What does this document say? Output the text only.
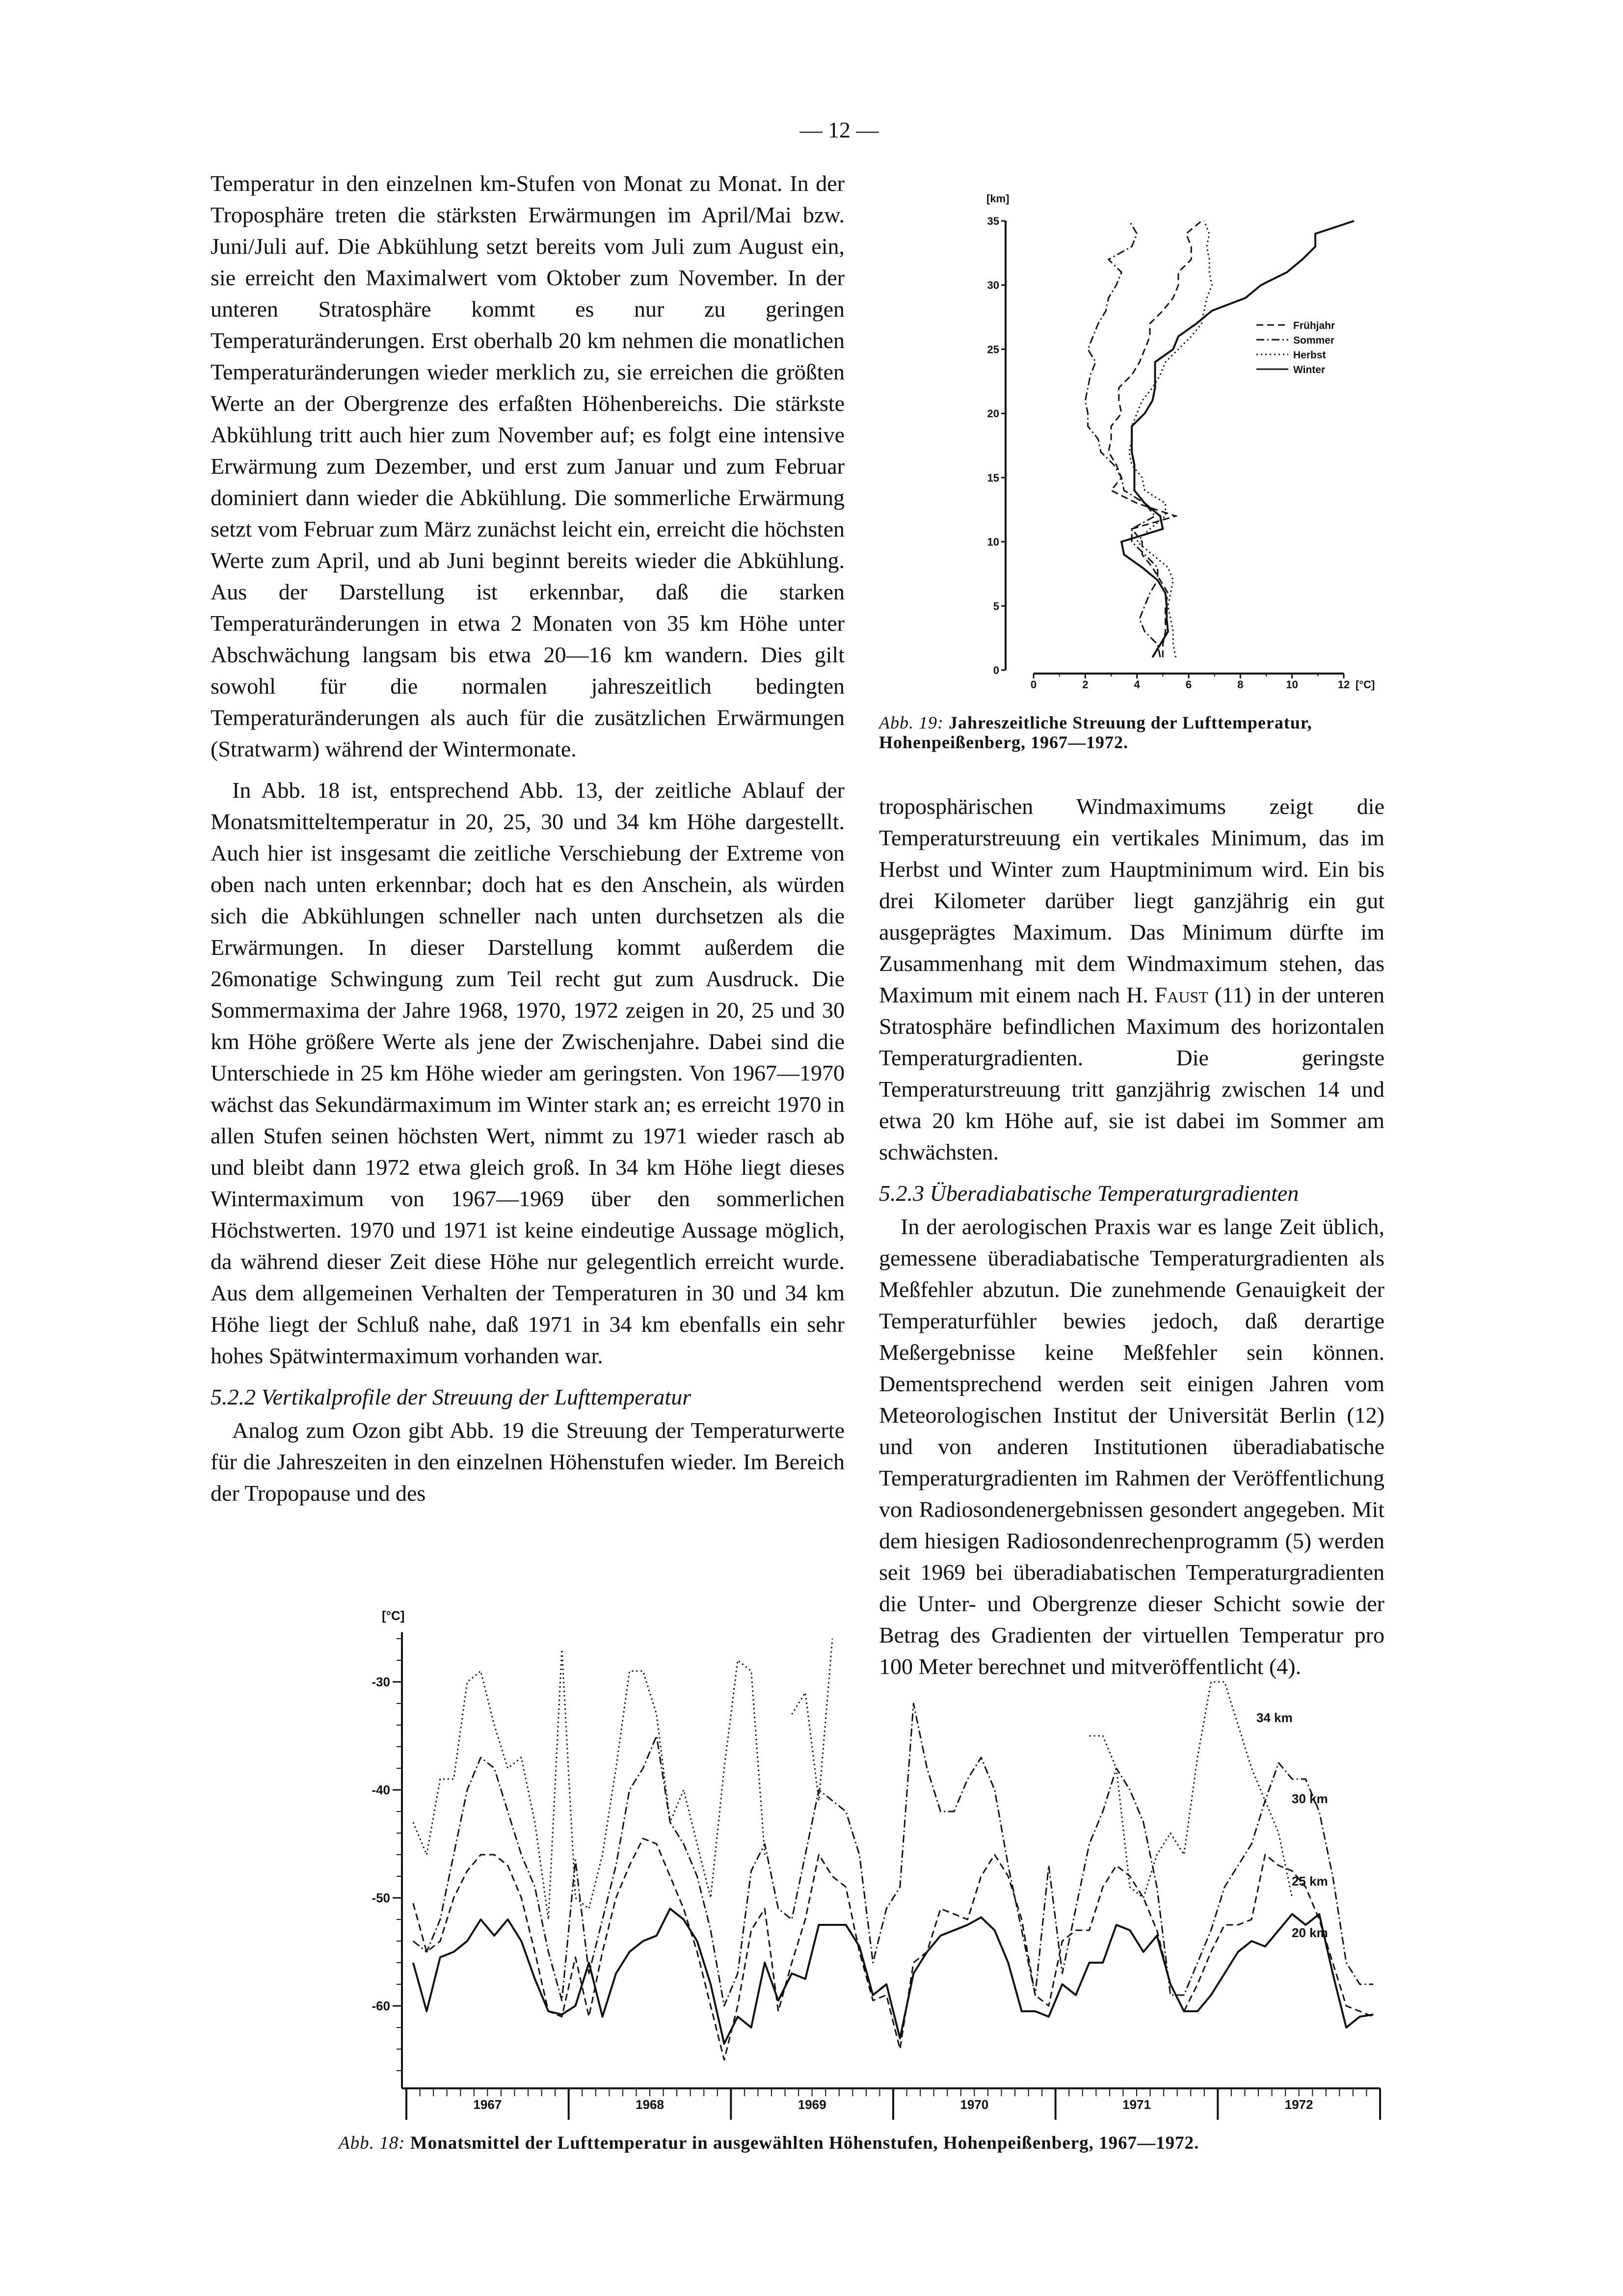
— 12 —

Temperatur in den einzelnen km-Stufen von Monat zu Monat. In der Troposphäre treten die stärksten Erwärmungen im April/Mai bzw. Juni/Juli auf. Die Abkühlung setzt bereits vom Juli zum August ein, sie erreicht den Maximalwert vom Oktober zum November. In der unteren Stratosphäre kommt es nur zu geringen Temperaturänderungen. Erst oberhalb 20 km nehmen die monatlichen Temperaturänderungen wieder merklich zu, sie erreichen die größten Werte an der Obergrenze des erfaßten Höhenbereichs. Die stärkste Abkühlung tritt auch hier zum November auf; es folgt eine intensive Erwärmung zum Dezember, und erst zum Januar und zum Februar dominiert dann wieder die Abkühlung. Die sommerliche Erwärmung setzt vom Februar zum März zunächst leicht ein, erreicht die höchsten Werte zum April, und ab Juni beginnt bereits wieder die Abkühlung. Aus der Darstellung ist erkennbar, daß die starken Temperaturänderungen in etwa 2 Monaten von 35 km Höhe unter Abschwächung langsam bis etwa 20—16 km wandern. Dies gilt sowohl für die normalen jahreszeitlich bedingten Temperaturänderungen als auch für die zusätzlichen Erwärmungen (Stratwarm) während der Wintermonate.

In Abb. 18 ist, entsprechend Abb. 13, der zeitliche Ablauf der Monatsmitteltemperatur in 20, 25, 30 und 34 km Höhe dargestellt. Auch hier ist insgesamt die zeitliche Verschiebung der Extreme von oben nach unten erkennbar; doch hat es den Anschein, als würden sich die Abkühlungen schneller nach unten durchsetzen als die Erwärmungen. In dieser Darstellung kommt außerdem die 26monatige Schwingung zum Teil recht gut zum Ausdruck. Die Sommermaxima der Jahre 1968, 1970, 1972 zeigen in 20, 25 und 30 km Höhe größere Werte als jene der Zwischenjahre. Dabei sind die Unterschiede in 25 km Höhe wieder am geringsten. Von 1967—1970 wächst das Sekundärmaximum im Winter stark an; es erreicht 1970 in allen Stufen seinen höchsten Wert, nimmt zu 1971 wieder rasch ab und bleibt dann 1972 etwa gleich groß. In 34 km Höhe liegt dieses Wintermaximum von 1967—1969 über den sommerlichen Höchstwerten. 1970 und 1971 ist keine eindeutige Aussage möglich, da während dieser Zeit diese Höhe nur gelegentlich erreicht wurde. Aus dem allgemeinen Verhalten der Temperaturen in 30 und 34 km Höhe liegt der Schluß nahe, daß 1971 in 34 km ebenfalls ein sehr hohes Spätwintermaximum vorhanden war.

5.2.2 Vertikalprofile der Streuung der Lufttemperatur

Analog zum Ozon gibt Abb. 19 die Streuung der Temperaturwerte für die Jahreszeiten in den einzelnen Höhenstufen wieder. Im Bereich der Tropopause und des

troposphärischen Windmaximums zeigt die Temperaturstreuung ein vertikales Minimum, das im Herbst und Winter zum Hauptminimum wird. Ein bis drei Kilometer darüber liegt ganzjährig ein gut ausgeprägtes Maximum. Das Minimum dürfte im Zusammenhang mit dem Windmaximum stehen, das Maximum mit einem nach H. Faust (11) in der unteren Stratosphäre befindlichen Maximum des horizontalen Temperaturgradienten. Die geringste Temperaturstreuung tritt ganzjährig zwischen 14 und etwa 20 km Höhe auf, sie ist dabei im Sommer am schwächsten.

5.2.3 Überadiabatische Temperaturgradienten

In der aerologischen Praxis war es lange Zeit üblich, gemessene überadiabatische Temperaturgradienten als Meßfehler abzutun. Die zunehmende Genauigkeit der Temperaturfühler bewies jedoch, daß derartige Meßergebnisse keine Meßfehler sein können. Dementsprechend werden seit einigen Jahren vom Meteorologischen Institut der Universität Berlin (12) und von anderen Institutionen überadiabatische Temperaturgradienten im Rahmen der Veröffentlichung von Radiosondenergebnissen gesondert angegeben. Mit dem hiesigen Radiosondenrechenprogramm (5) werden seit 1969 bei überadiabatischen Temperaturgradienten die Unter- und Obergrenze dieser Schicht sowie der Betrag des Gradienten der virtuellen Temperatur pro 100 Meter berechnet und mitveröffentlicht (4).

Abb. 19: Jahreszeitliche Streuung der Lufttemperatur, Hohenpeißenberg, 1967—1972.
Abb. 18: Monatsmittel der Lufttemperatur in ausgewählten Höhenstufen, Hohenpeißenberg, 1967—1972.
0
5
10
15
20
25
30
35
0	2	4	6	8	10	12 [°C]
[km]
Frühjahr
Sommer
Herbst
Winter
-30
-40
-50
-60
[°C]
1967	1968	1969	1970	1971	1972
34 km
30 km
25 km
20 km
